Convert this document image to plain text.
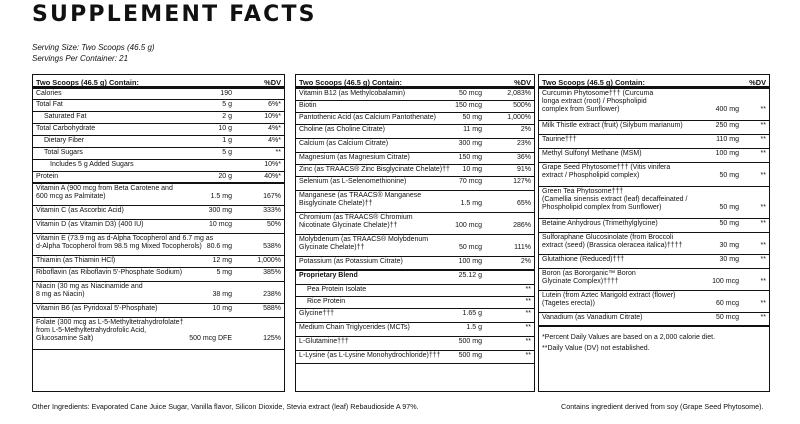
SUPPLEMENT FACTS
Serving Size: Two Scoops (46.5 g)
Servings Per Container: 21
Two Scoops (46.5 g) Contain:	%DV
Calories	190
Total Fat	5 g	6%*
Saturated Fat	2 g	10%*
Total Carbohydrate	10 g	4%*
Dietary Fiber	1 g	4%*
Total Sugars	5 g	**
Includes 5 g Added Sugars	10%*
Protein	20 g	40%*
Vitamin A (900 mcg from Beta Carotene and
600 mcg as Palmitate)	1.5 mg	167%
Vitamin C (as Ascorbic Acid)	300 mg	333%
Vitamin D (as Vitamin D3) (400 IU)	10 mcg	50%
Vitamin E (73.9 mg as d-Alpha Tocopherol and 6.7 mg as
d-Alpha Tocopherol from 98.5 mg Mixed Tocopherols) 80.6 mg	538%
Thiamin (as Thiamin HCl)	12 mg	1,000%
Riboflavin (as Riboflavin 5'-Phosphate Sodium)	5 mg	385%
Niacin (30 mg as Niacinamide and
8 mg as Niacin)	38 mg	238%
Vitamin B6 (as Pyridoxal 5'-Phosphate)	10 mg	588%
Folate (300 mcg as L-5-Methyltetrahydrofolate†
from L-5-Methyltetrahydrofolic Acid,
Glucosamine Salt)	500 mcg DFE	125%
Two Scoops (46.5 g) Contain:	%DV
Vitamin B12 (as Methylcobalamin)	50 mcg	2,083%
Biotin	150 mcg	500%
Pantothenic Acid (as Calcium Pantothenate)	50 mg	1,000%
Choline (as Choline Citrate)	11 mg	2%
Calcium (as Calcium Citrate)	300 mg	23%
Magnesium (as Magnesium Citrate)	150 mg	36%
Zinc (as TRAACS® Zinc Bisglycinate Chelate)†† 10 mg	91%
Selenium (as L-Selenomethionine)	70 mcg	127%
Manganese (as TRAACS® Manganese
Bisglycinate Chelate)††	1.5 mg	65%
Chromium (as TRAACS® Chromium
Nicotinate Glycinate Chelate)††	100 mcg	286%
Molybdenum (as TRAACS® Molybdenum
Glycinate Chelate)††	50 mcg	111%
Potassium (as Potassium Citrate)	100 mg	2%
Proprietary Blend	25.12 g
Pea Protein Isolate	**
Rice Protein	**
Glycine†††	1.65 g	**
Medium Chain Triglycerides (MCTs)	1.5 g	**
L-Glutamine†††	500 mg	**
L-Lysine (as L-Lysine Monohydrochloride)†††	500 mg	**
Two Scoops (46.5 g) Contain:	%DV
Curcumin Phytosome††† (Curcuma
longa extract (root) / Phospholipid
complex from Sunflower)	400 mg	**
Milk Thistle extract (fruit) (Silybum marianum)	250 mg	**
Taurine†††	110 mg	**
Methyl Sulfonyl Methane (MSM)	100 mg	**
Grape Seed Phytosome††† (Vitis vinifera
extract / Phospholipid complex)	50 mg	**
Green Tea Phytosome†††
(Camellia sinensis extract (leaf) decaffeinated /
Phospholipid complex from Sunflower)	50 mg	**
Betaine Anhydrous (Trimethylglycine)	50 mg	**
Sulforaphane Glucosinolate (from Broccoli
extract (seed) (Brassica oleracea italica)††††	30 mg	**
Glutathione (Reduced)†††	30 mg	**
Boron (as Bororganic™ Boron
Glycinate Complex)††††	100 mcg	**
Lutein (from Aztec Marigold extract (flower)
(Tagetes erecta))	60 mcg	**
Vanadium (as Vanadium Citrate)	50 mcg	**
*Percent Daily Values are based on a 2,000 calorie diet.
**Daily Value (DV) not established.
Other Ingredients: Evaporated Cane Juice Sugar, Vanilla flavor, Silicon Dioxide, Stevia extract (leaf) Rebaudioside A 97%.	Contains ingredient derived from soy (Grape Seed Phytosome).
